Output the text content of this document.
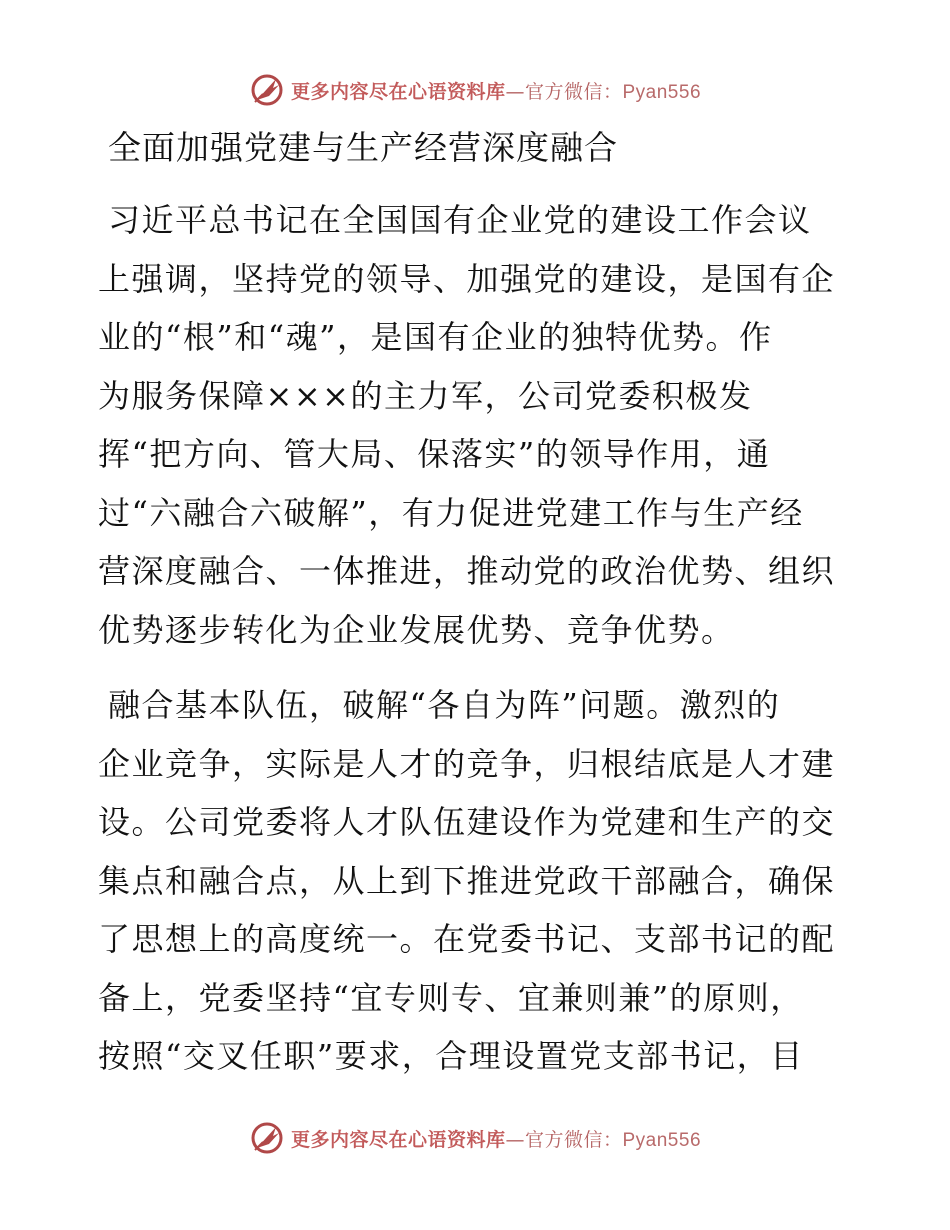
更多内容尽在心语资料库—官方微信：Pyan556
全面加强党建与生产经营深度融合
习近平总书记在全国国有企业党的建设工作会议
上强调，坚持党的领导、加强党的建设，是国有企
业的“根”和“魂”，是国有企业的独特优势。作
为服务保障×××的主力军，公司党委积极发
挥“把方向、管大局、保落实”的领导作用，通
过“六融合六破解”，有力促进党建工作与生产经
营深度融合、一体推进，推动党的政治优势、组织
优势逐步转化为企业发展优势、竞争优势。
融合基本队伍，破解“各自为阵”问题。激烈的
企业竞争，实际是人才的竞争，归根结底是人才建
设。公司党委将人才队伍建设作为党建和生产的交
集点和融合点，从上到下推进党政干部融合，确保
了思想上的高度统一。在党委书记、支部书记的配
备上，党委坚持“宜专则专、宜兼则兼”的原则，
按照“交叉任职”要求，合理设置党支部书记，目
更多内容尽在心语资料库—官方微信：Pyan556
